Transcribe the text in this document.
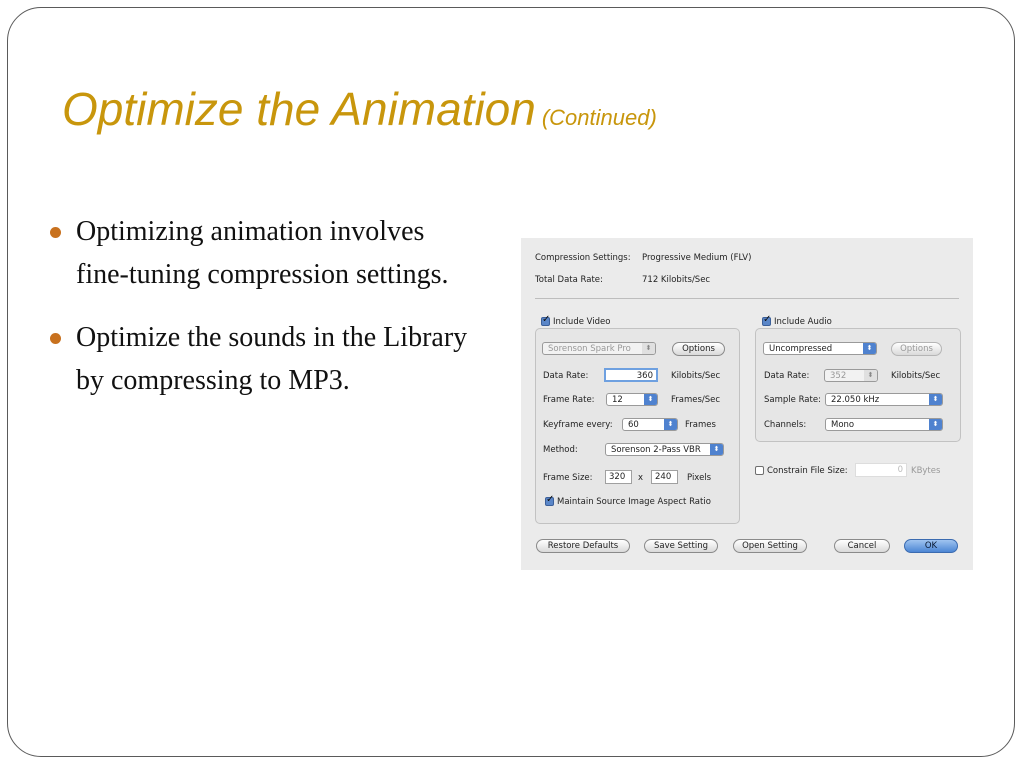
Optimize the Animation (Continued)
Optimizing animation involves fine-tuning compression settings.
Optimize the sounds in the Library by compressing to MP3.
Compression Settings: Progressive Medium (FLV)
Total Data Rate:	712 Kilobits/Sec
✓Include Video
Sorenson Spark Pro	⬍	Options
Data Rate:	360	Kilobits/Sec
Frame Rate:	12	⬍	Frames/Sec
Keyframe every:	60	⬍	Frames
Method:	Sorenson 2-Pass VBR	⬍
Frame Size:	320	x	240	Pixels
✓Maintain Source Image Aspect Ratio
✓Include Audio
Uncompressed	⬍	Options
Data Rate:	352	⬍	Kilobits/Sec
Sample Rate:	22.050 kHz	⬍
Channels:	Mono	⬍
Constrain File Size:	0 KBytes
Restore Defaults	Save Setting	Open Setting	Cancel	OK
